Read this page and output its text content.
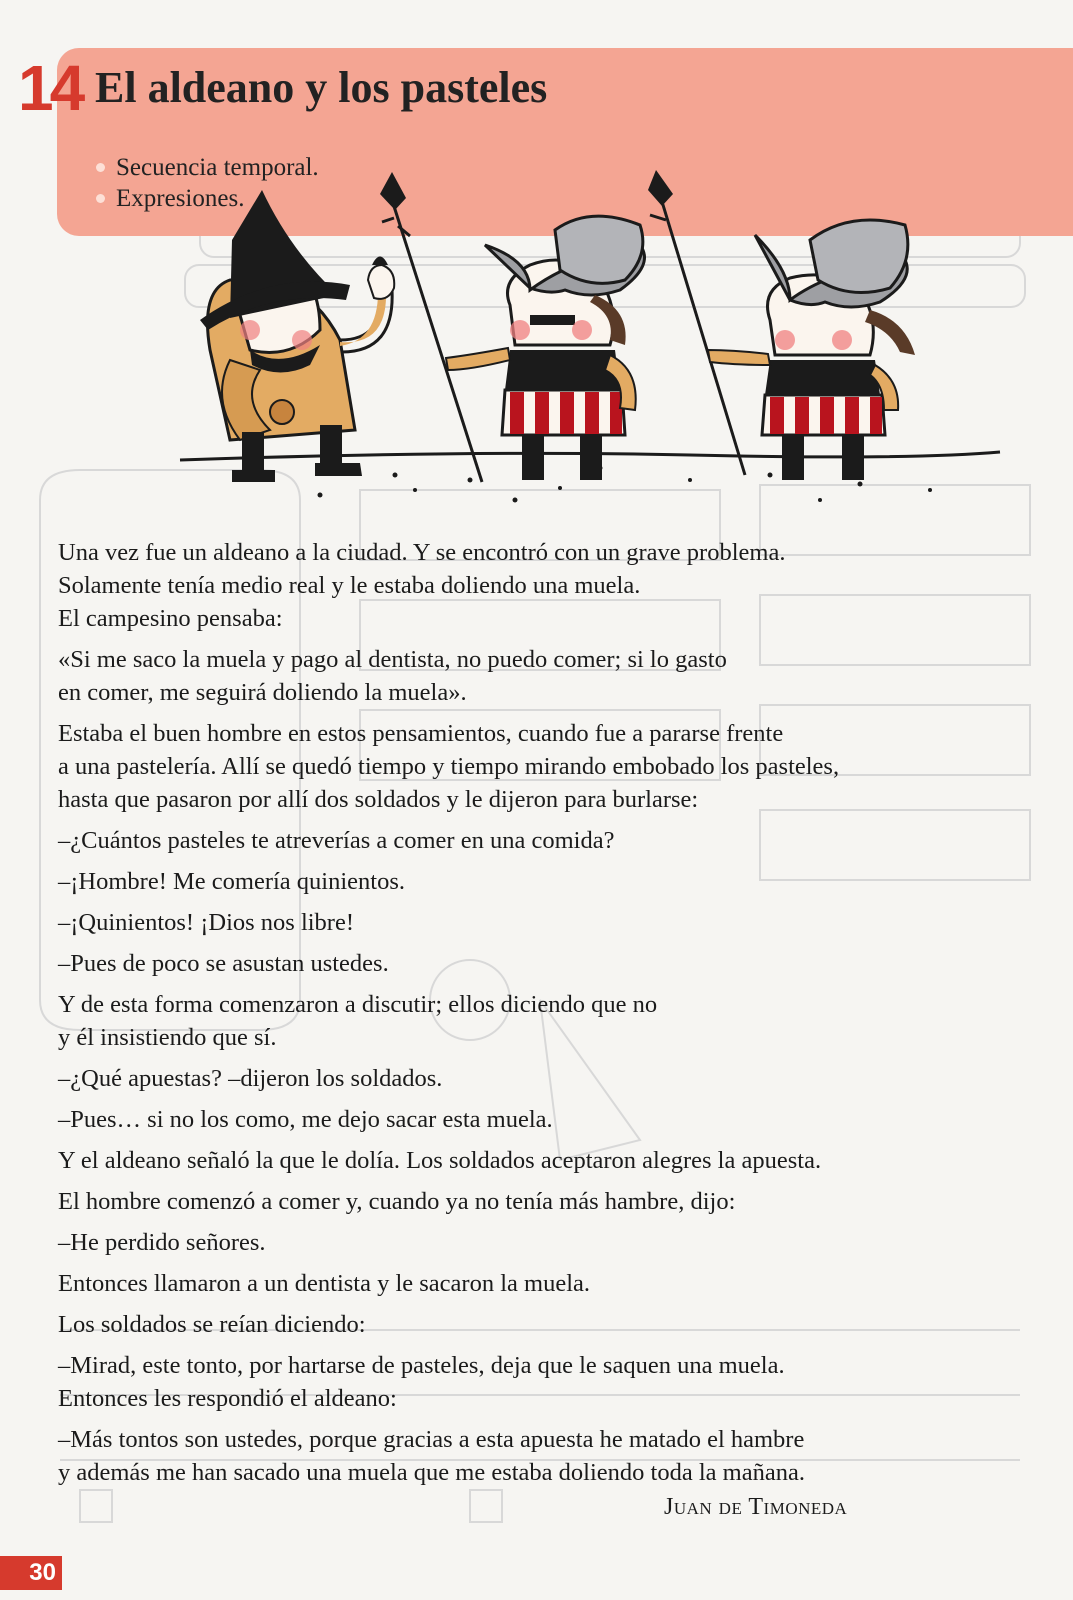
14 El aldeano y los pasteles
Secuencia temporal.
Expresiones.

Una vez fue un aldeano a la ciudad. Y se encontró con un grave problema.
Solamente tenía medio real y le estaba doliendo una muela.
El campesino pensaba:

«Si me saco la muela y pago al dentista, no puedo comer; si lo gasto
en comer, me seguirá doliendo la muela».

Estaba el buen hombre en estos pensamientos, cuando fue a pararse frente
a una pastelería. Allí se quedó tiempo y tiempo mirando embobado los pasteles,
hasta que pasaron por allí dos soldados y le dijeron para burlarse:

–¿Cuántos pasteles te atreverías a comer en una comida?

–¡Hombre! Me comería quinientos.

–¡Quinientos! ¡Dios nos libre!

–Pues de poco se asustan ustedes.

Y de esta forma comenzaron a discutir; ellos diciendo que no
y él insistiendo que sí.

–¿Qué apuestas? –dijeron los soldados.

–Pues… si no los como, me dejo sacar esta muela.

Y el aldeano señaló la que le dolía. Los soldados aceptaron alegres la apuesta.

El hombre comenzó a comer y, cuando ya no tenía más hambre, dijo:

–He perdido señores.

Entonces llamaron a un dentista y le sacaron la muela.

Los soldados se reían diciendo:

–Mirad, este tonto, por hartarse de pasteles, deja que le saquen una muela.
Entonces les respondió el aldeano:

–Más tontos son ustedes, porque gracias a esta apuesta he matado el hambre
y además me han sacado una muela que me estaba doliendo toda la mañana.

Juan de Timoneda
30
